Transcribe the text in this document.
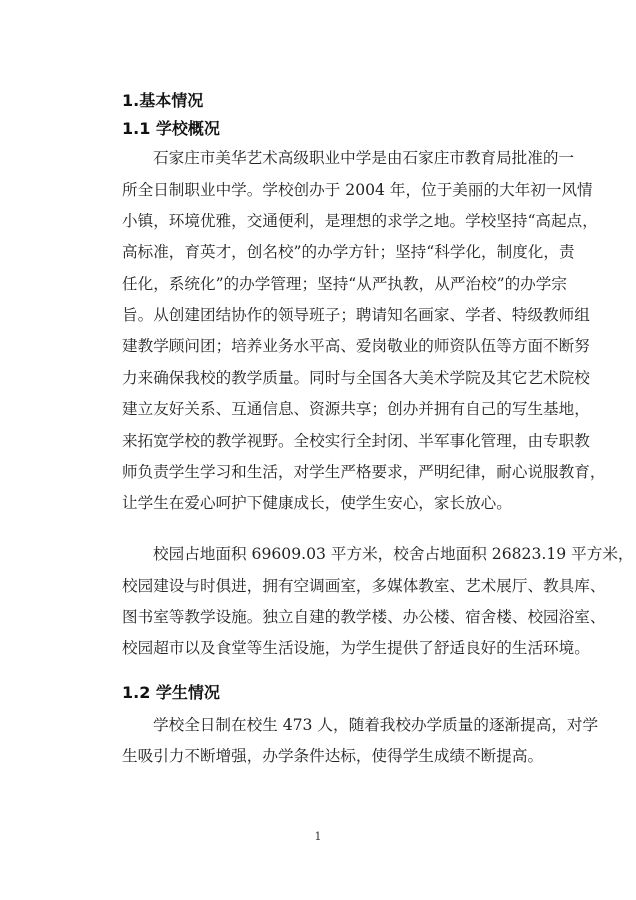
1.基本情况
1.1 学校概况
石家庄市美华艺术高级职业中学是由石家庄市教育局批准的一
所全日制职业中学。学校创办于 2004 年，位于美丽的大年初一风情
小镇，环境优雅，交通便利，是理想的求学之地。学校坚持“高起点，
高标准，育英才，创名校”的办学方针；坚持“科学化，制度化，责
任化，系统化”的办学管理；坚持“从严执教，从严治校”的办学宗
旨。从创建团结协作的领导班子；聘请知名画家、学者、特级教师组
建教学顾问团；培养业务水平高、爱岗敬业的师资队伍等方面不断努
力来确保我校的教学质量。同时与全国各大美术学院及其它艺术院校
建立友好关系、互通信息、资源共享；创办并拥有自己的写生基地，
来拓宽学校的教学视野。全校实行全封闭、半军事化管理，由专职教
师负责学生学习和生活，对学生严格要求，严明纪律，耐心说服教育，
让学生在爱心呵护下健康成长，使学生安心，家长放心。
校园占地面积 69609.03 平方米，校舍占地面积 26823.19 平方米，
校园建设与时俱进，拥有空调画室，多媒体教室、艺术展厅、教具库、
图书室等教学设施。独立自建的教学楼、办公楼、宿舍楼、校园浴室、
校园超市以及食堂等生活设施，为学生提供了舒适良好的生活环境。
1.2 学生情况
学校全日制在校生 473 人，随着我校办学质量的逐渐提高，对学
生吸引力不断增强，办学条件达标，使得学生成绩不断提高。
1
